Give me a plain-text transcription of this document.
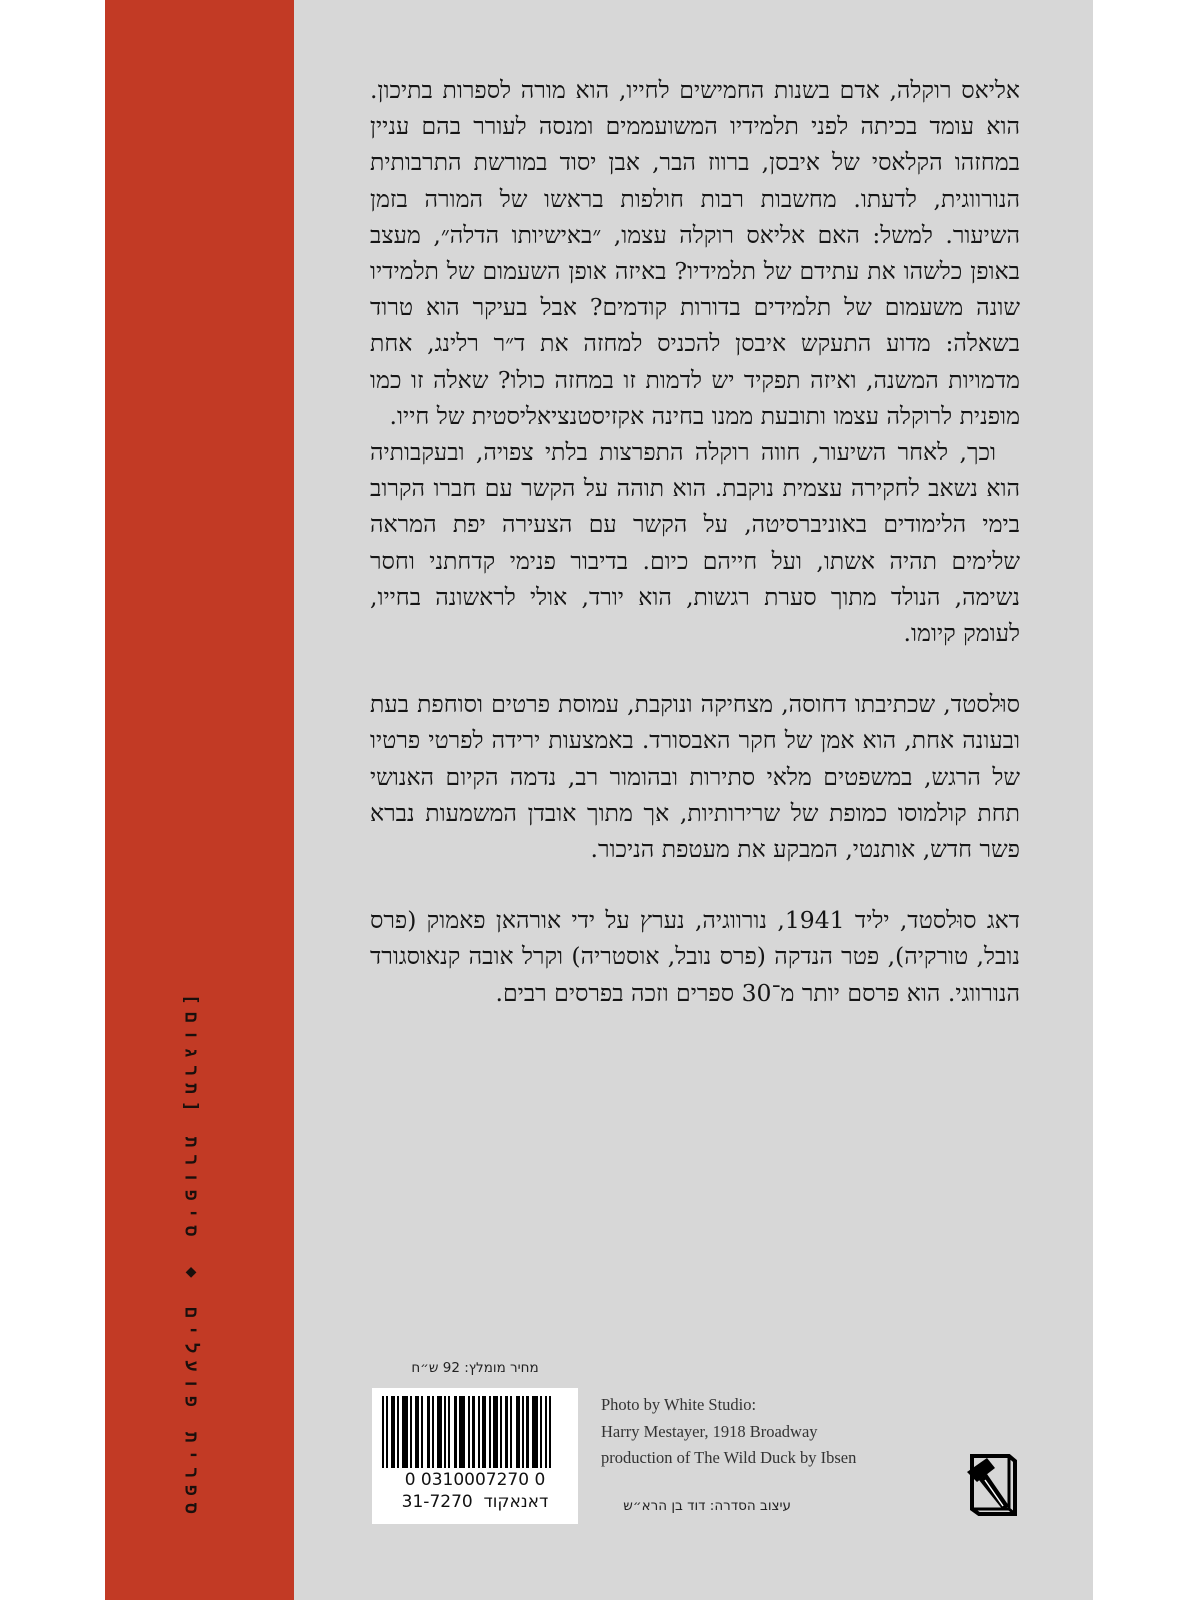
ספרית פועלים ◆ סיפורת [תרגום]

אליאס רוקלה, אדם בשנות החמישים לחייו, הוא מורה לספרות בתיכון. הוא עומד בכיתה לפני תלמידיו המשועממים ומנסה לעורר בהם עניין במחזהו הקלאסי של איבסן, ברווז הבר, אבן יסוד במורשת התרבותית הנורווגית, לדעתו. מחשבות רבות חולפות בראשו של המורה בזמן השיעור. למשל: האם אליאס רוקלה עצמו, ״באישיותו הדלה״, מעצב באופן כלשהו את עתידם של תלמידיו? באיזה אופן השעמום של תלמידיו שונה משעמום של תלמידים בדורות קודמים? אבל בעיקר הוא טרוד בשאלה: מדוע התעקש איבסן להכניס למחזה את ד״ר רלינג, אחת מדמויות המשנה, ואיזה תפקיד יש לדמות זו במחזה כולו? שאלה זו כמו מופנית לרוקלה עצמו ותובעת ממנו בחינה אקזיסטנציאליסטית של חייו.

וכך, לאחר השיעור, חווה רוקלה התפרצות בלתי צפויה, ובעקבותיה הוא נשאב לחקירה עצמית נוקבת. הוא תוהה על הקשר עם חברו הקרוב בימי הלימודים באוניברסיטה, על הקשר עם הצעירה יפת המראה שלימים תהיה אשתו, ועל חייהם כיום. בדיבור פנימי קדחתני וחסר נשימה, הנולד מתוך סערת רגשות, הוא יורד, אולי לראשונה בחייו, לעומק קיומו.

סוּלסטד, שכתיבתו דחוסה, מצחיקה ונוקבת, עמוסת פרטים וסוחפת בעת ובעונה אחת, הוא אמן של חקר האבסורד. באמצעות ירידה לפרטי פרטיו של הרגש, במשפטים מלאי סתירות ובהומור רב, נדמה הקיום האנושי תחת קולמוסו כמופת של שרירותיות, אך מתוך אובדן המשמעות נברא פשר חדש, אותנטי, המבקע את מעטפת הניכור.

דאג סוּלסטד, יליד 1941, נורווגיה, נערץ על ידי אורהאן פאמוק (פרס נובל, טורקיה), פטר הנדקה (פרס נובל, אוסטריה) וקרל אובה קנאוסגורד הנורווגי. הוא פרסם יותר מ־30 ספרים וזכה בפרסים רבים.

מחיר מומלץ: 92 ש״ח
0 0310007270 0
דאנאקוד  31-7270
Photo by White Studio:
Harry Mestayer, 1918 Broadway
production of The Wild Duck by Ibsen
עיצוב הסדרה: דוד בן הרא״ש
